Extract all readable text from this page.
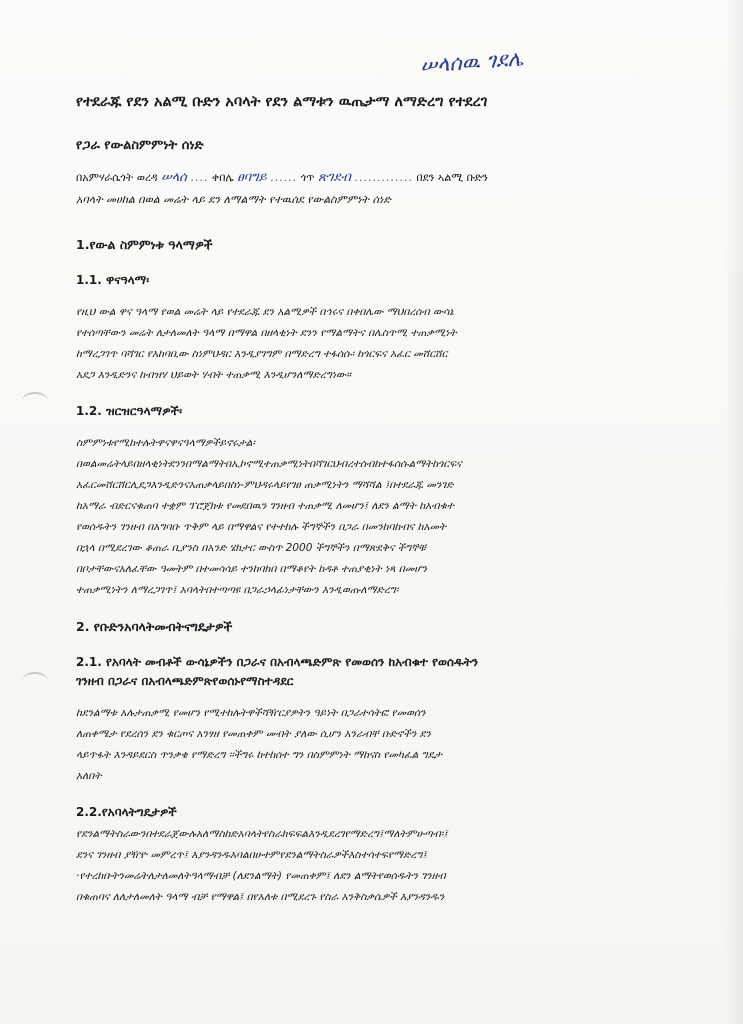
ሠላሰዉ ገደሌ
የተደራጁ የደን አልሚ ቡድን አባላት የደን ልማቱን ዉጤታማ ለማድረግ የተደረገ
የጋራ የውልስምምነት ሰነድ
በአምሃራሴጎት ወረዳ ሠላሰ .... ቀበሌ ፀባግይ ...... ጎጥ ጽገደብ ............. በደን ኣልሚ ቡድን
አባላት መሀከል በወል መሬት ላይ ደን ለማልማት የተዉሰደ የውልስምምነት ሰነድ
1.የውል ስምምነቱ ዓላማዎች
1.1. ዋናዓላማ፡
የዚህ ውል ዋና ዓላማ የወል መሬት ላይ የተደራጁ ደን አልሚዎች በኅሩና በቀበሌው ማህበረሰብ ውሳኔ
የተሰጣቸውን መሬት ለታለመለት ዓላማ በማዋል በዘላቂነት ደንን የማልማትና በሌስጥሚ ተጠቃሚነት
ከማረጋገጥ ባሻገር የአከባቢው ስነምህዳር እንዲያገግም በማድረግ ተፋሰሱ፡ ከጎርፍና አፈር መሸርሸር
አደጋ እንዲድንና ከብዝሃ ህይወት ሃብት ተጠቃሚ እንዲሆንለማድረግነው፡፡
1.2. ዝርዝርዓላማዎች፡
ስምምነቱየሚከተሉትዋናዋናዓላማዎችይኖሩታል፡
በወልመሬትላይበዘላቂነትደንንበማልማትበኢኮኖሚተጠቃሚነትበሻገርህብረተሰብከተፋሰሱልማትከጎርፍና
አፈርመሸርሸርሊደጋእንዲድንናአጠቃላይበስነ-ምህዳሩላይየገፀ ጠቃሚነትን ማሻሻል ፤በተደራጁ መንገድ
ከአማራ ብድርናቁጠባ ተቋም ፕሮጀክቱ የመደበዉን ገንዘብ ተጠቃሚ ለመሆን፤ ለደን ልማት ከአብቁተ
የወሰዱትን ገንዘብ በአግባቡ ጥቅም ላይ በማዋልና የተተከሉ ችግኞችን በጋራ በመንከባከብና ከአመት
በኋላ በሚደረገው ቆጠራ ቢያንስ በአንድ ሄክታር ውስጥ 2000 ችግኞችን በማጽደቅና ችግኞቹ
በቦታቸውናአለፈቸው ዓመትም በተመሳሳይ ተንከባክበ በማቆየት ከዳቶ ተጠያቂነት ነጻ በመሆን
ተጠቃሚነትን ለማረጋገጥ፤ አባላትበተጣጣዩ በጋራኃላፊነታቸውን እንዲወጡለማድረግ፡
2. የቡድንአባላትመብትናግዴታዎች
2.1. የአባላት መብቶች ውሳኔዎችን በጋራና በአብላጫድምጽ የመወሰን ከአብቁተ የወሰዱትን
ገንዘብ በጋራና በአብላጫድምጽየወሰኑየማስተዳደር
ከደንልማቱ አሉታጠቃሚ የመሆን የሚተከሉትዋችሻዥርያዎትን ዓይነት በጋራተሳትፎ የመወሰን
ለጠቀሜታ የደረሰን ደን ቁርጦና አንፃዘ የመጠቀም መብት ያለው ሲሆን አንራብቸ ቡድኖችን ደን
ላይጥፋት እንዳይደርስ ጥንቃቄ የማድረግ ፡፡ችግሩ ከተከሰተ ግን በስምምነት ማከናስ የመካፈል ግዴታ
አለበት
2.2.የአባላትግዴታዎች
የደንልማትስራውንበተደራጀውሉአለማስከድአባላትየስራክፍፍልእንዲደረገየማድረግ፤ማለትምሁጣብ፡፤
ደንና ገንዘብ ያዥዮ መምረጥ፤ እያንዳንዱአባልበሁተምየደንልማትስራዎችእስተሳተፍየማድረግ፤
·የተረከቡትንመሬትለታለመለትዓላማብቻ (ለደንልማት) የመጠቀም፤ ለደን ልማትየወሰዱትን ገንዘብ
በቁጠባና ለለታለመለት ዓላማ ብቻ የማዋል፤ በየአለቱ በሚደረጉ የስራ አንቅስቃሴዎች እያንዳንዱን
